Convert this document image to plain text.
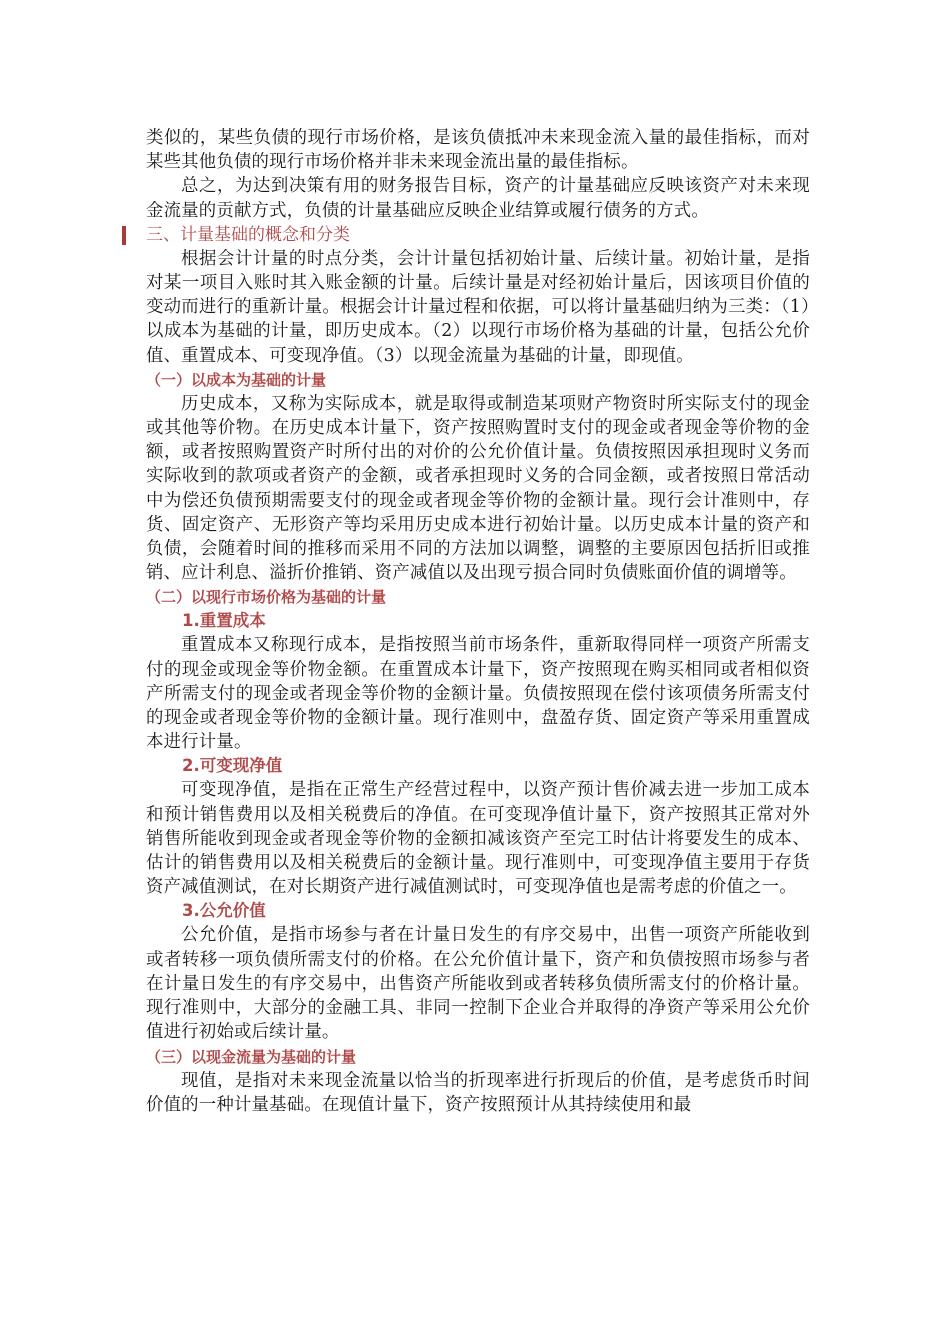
类似的，某些负债的现行市场价格，是该负债抵冲未来现金流入量的最佳指标，而对某些其他负债的现行市场价格并非未来现金流出量的最佳指标。

总之，为达到决策有用的财务报告目标，资产的计量基础应反映该资产对未来现金流量的贡献方式，负债的计量基础应反映企业结算或履行债务的方式。

三、计量基础的概念和分类

根据会计计量的时点分类，会计计量包括初始计量、后续计量。初始计量，是指对某一项目入账时其入账金额的计量。后续计量是对经初始计量后，因该项目价值的变动而进行的重新计量。根据会计计量过程和依据，可以将计量基础归纳为三类：（1）以成本为基础的计量，即历史成本。（2）以现行市场价格为基础的计量，包括公允价值、重置成本、可变现净值。（3）以现金流量为基础的计量，即现值。

（一）以成本为基础的计量

历史成本，又称为实际成本，就是取得或制造某项财产物资时所实际支付的现金或其他等价物。在历史成本计量下，资产按照购置时支付的现金或者现金等价物的金额，或者按照购置资产时所付出的对价的公允价值计量。负债按照因承担现时义务而实际收到的款项或者资产的金额，或者承担现时义务的合同金额，或者按照日常活动中为偿还负债预期需要支付的现金或者现金等价物的金额计量。现行会计准则中，存货、固定资产、无形资产等均采用历史成本进行初始计量。以历史成本计量的资产和负债，会随着时间的推移而采用不同的方法加以调整，调整的主要原因包括折旧或推销、应计利息、溢折价推销、资产减值以及出现亏损合同时负债账面价值的调增等。

（二）以现行市场价格为基础的计量
1.重置成本

重置成本又称现行成本，是指按照当前市场条件，重新取得同样一项资产所需支付的现金或现金等价物金额。在重置成本计量下，资产按照现在购买相同或者相似资产所需支付的现金或者现金等价物的金额计量。负债按照现在偿付该项债务所需支付的现金或者现金等价物的金额计量。现行准则中，盘盈存货、固定资产等采用重置成本进行计量。

2.可变现净值

可变现净值，是指在正常生产经营过程中，以资产预计售价减去进一步加工成本和预计销售费用以及相关税费后的净值。在可变现净值计量下，资产按照其正常对外销售所能收到现金或者现金等价物的金额扣减该资产至完工时估计将要发生的成本、估计的销售费用以及相关税费后的金额计量。现行准则中，可变现净值主要用于存货资产减值测试，在对长期资产进行减值测试时，可变现净值也是需考虑的价值之一。

3.公允价值

公允价值，是指市场参与者在计量日发生的有序交易中，出售一项资产所能收到或者转移一项负债所需支付的价格。在公允价值计量下，资产和负债按照市场参与者在计量日发生的有序交易中，出售资产所能收到或者转移负债所需支付的价格计量。现行准则中，大部分的金融工具、非同一控制下企业合并取得的净资产等采用公允价值进行初始或后续计量。

（三）以现金流量为基础的计量

现值，是指对未来现金流量以恰当的折现率进行折现后的价值，是考虑货币时间价值的一种计量基础。在现值计量下，资产按照预计从其持续使用和最
